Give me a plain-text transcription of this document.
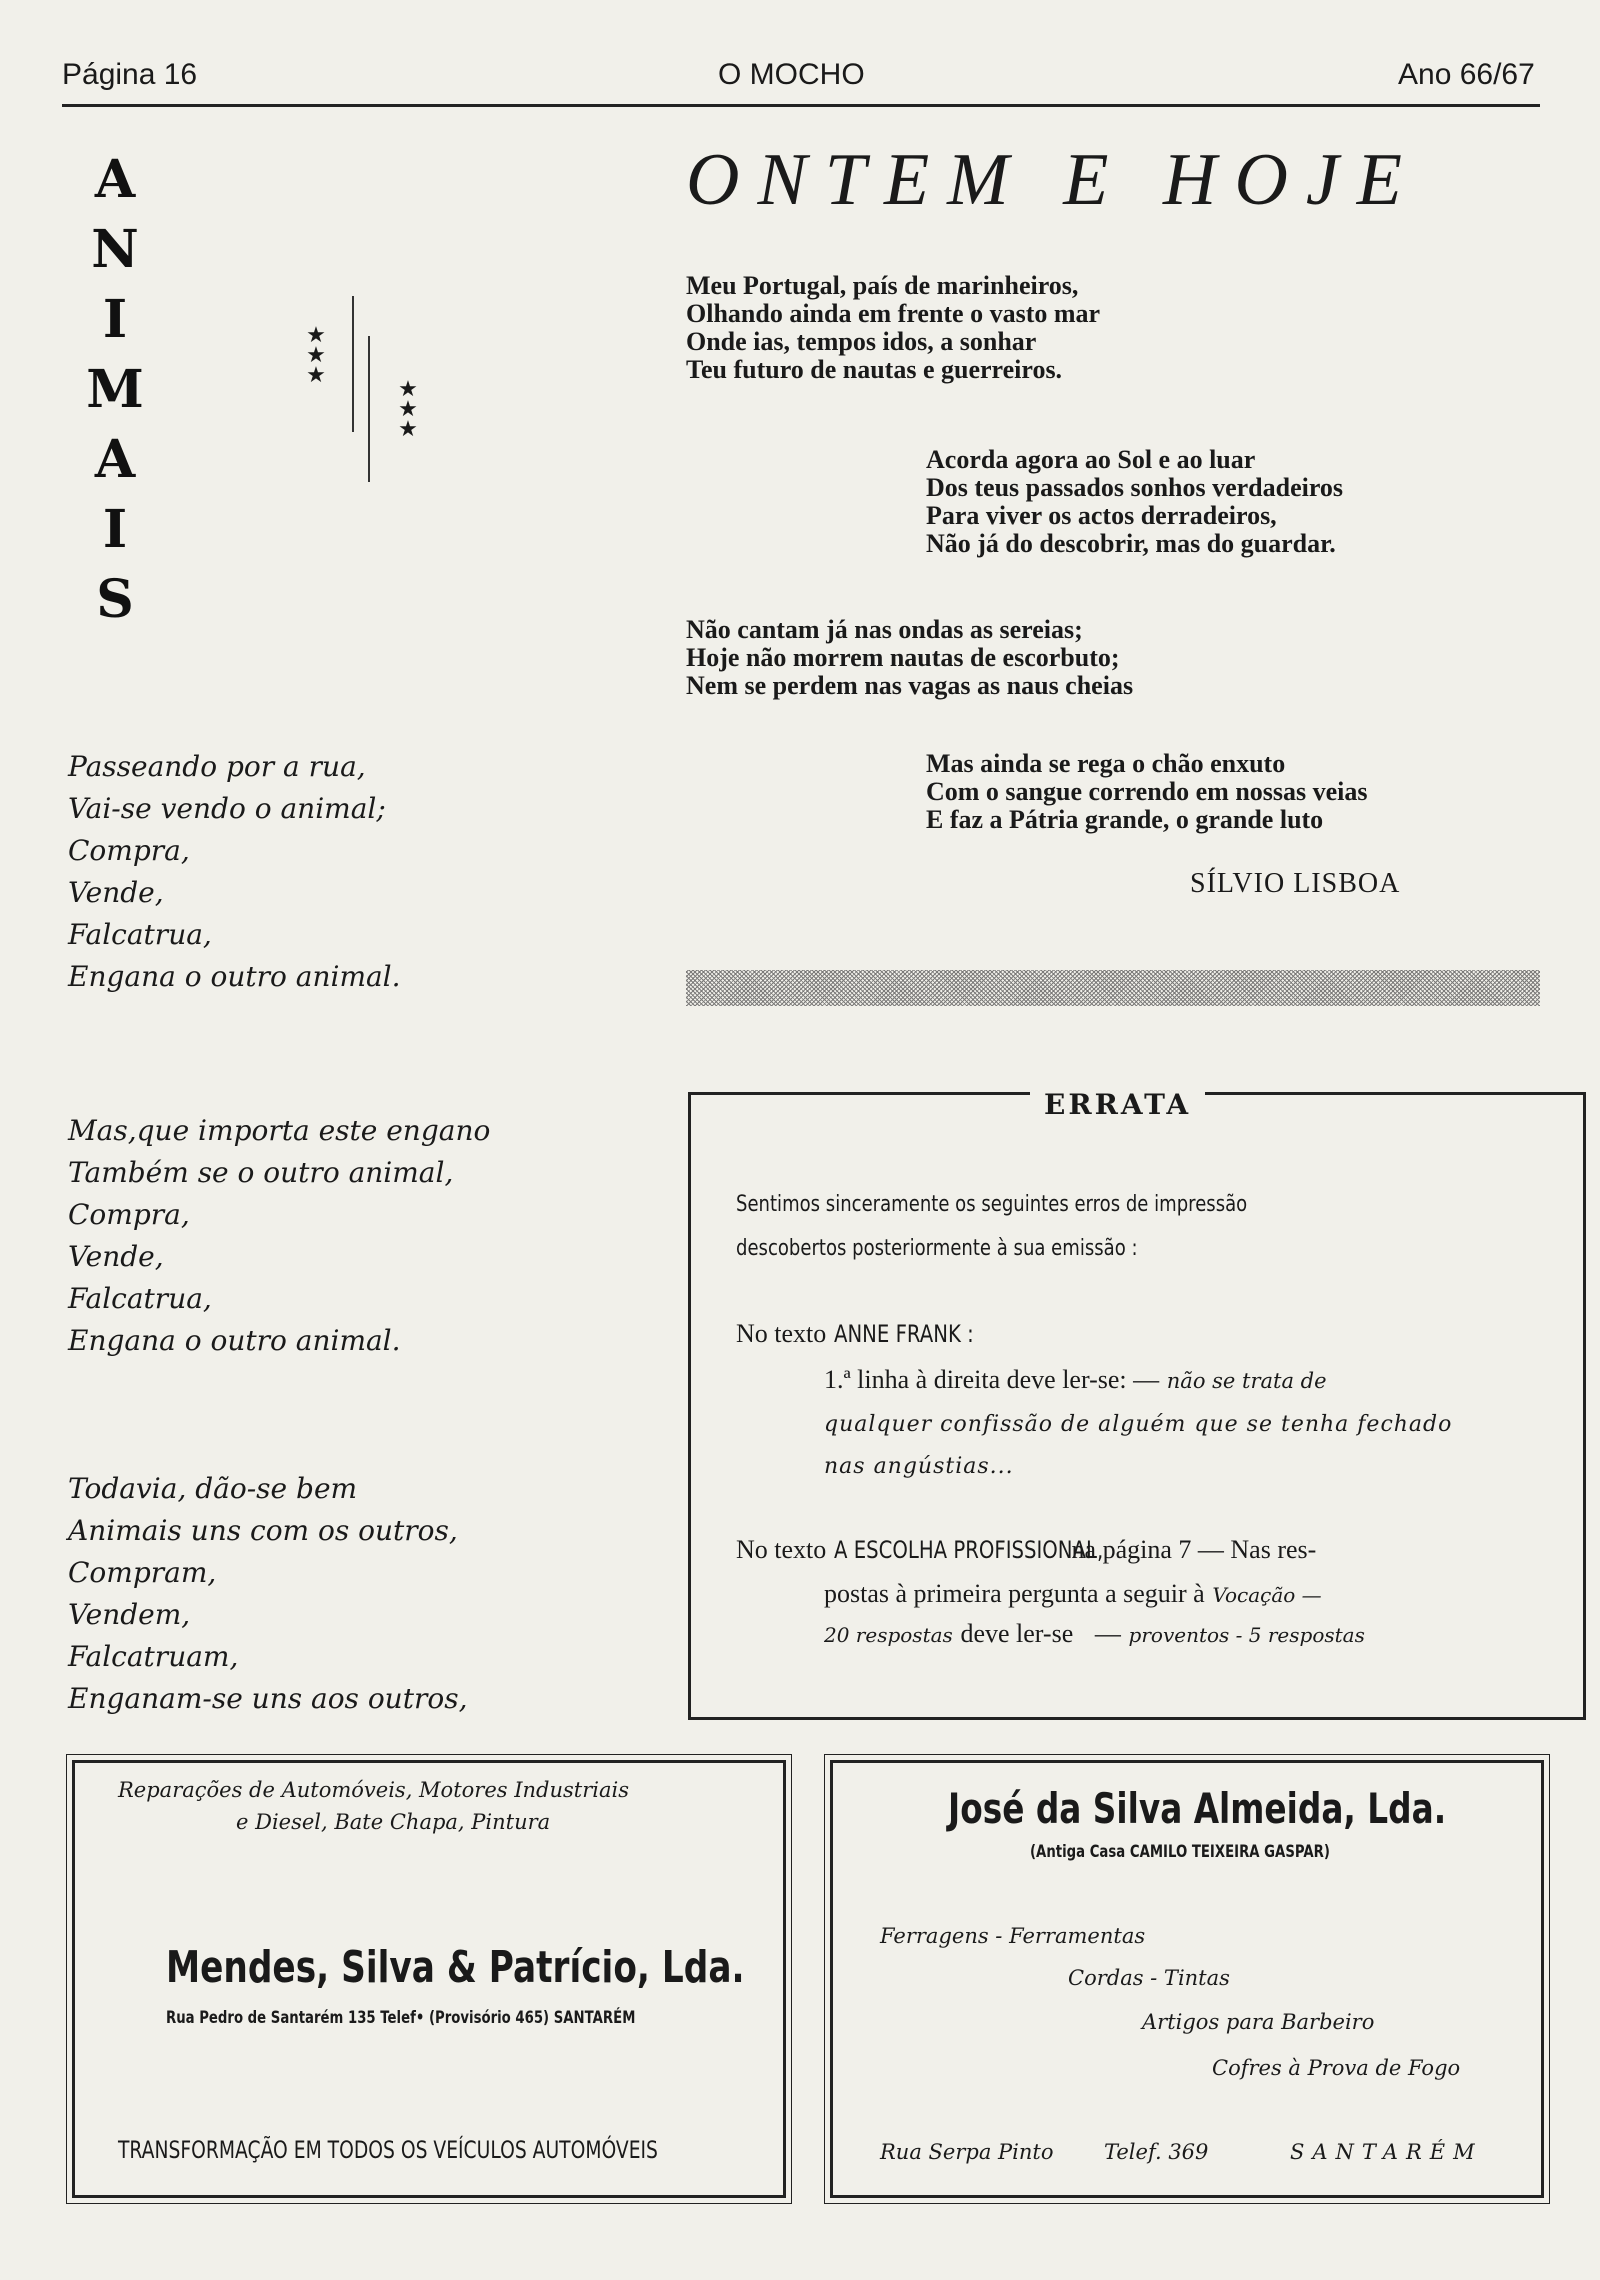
Página 16	O MOCHO	Ano 66/67
A
N
I
M
A
I
S
★
★
★
★
★
★
ONTEM E HOJE
Meu Portugal, país de marinheiros,
Olhando ainda em frente o vasto mar
Onde ias, tempos idos, a sonhar
Teu futuro de nautas e guerreiros.
Acorda agora ao Sol e ao luar
Dos teus passados sonhos verdadeiros
Para viver os actos derradeiros,
Não já do descobrir, mas do guardar.
Não cantam já nas ondas as sereias;
Hoje não morrem nautas de escorbuto;
Nem se perdem nas vagas as naus cheias
Mas ainda se rega o chão enxuto
Com o sangue correndo em nossas veias
E faz a Pátria grande, o grande luto
SÍLVIO LISBOA
Passeando por a rua,
Vai-se vendo o animal;
Compra,
Vende,
Falcatrua,
Engana o outro animal.
Mas,que importa este engano
Também se o outro animal,
Compra,
Vende,
Falcatrua,
Engana o outro animal.
Todavia, dão-se bem
Animais uns com os outros,
Compram,
Vendem,
Falcatruam,
Enganam-se uns aos outros,
ERRATA
Sentimos sinceramente os seguintes erros de impressão
descobertos posteriormente à sua emissão :
No texto ANNE FRANK :
1.ª linha à direita deve ler-se: — não se trata de
qualquer confissão de alguém que se tenha fechado
nas angústias...
No texto A ESCOLHA PROFISSIONAL, na página 7 — Nas res-
postas à primeira pergunta a seguir à Vocação —
20 respostas deve ler-se — proventos - 5 respostas
Reparações de Automóveis, Motores Industriais
e Diesel, Bate Chapa, Pintura
Mendes, Silva & Patrício, Lda.
Rua Pedro de Santarém 135 Telef• (Provisório 465) SANTARÉM
TRANSFORMAÇÃO EM TODOS OS VEÍCULOS AUTOMÓVEIS
José da Silva Almeida, Lda.
(Antiga Casa CAMILO TEIXEIRA GASPAR)
Ferragens - Ferramentas
Cordas - Tintas
Artigos para Barbeiro
Cofres à Prova de Fogo
Rua Serpa Pinto Telef. 369	SANTARÉM
